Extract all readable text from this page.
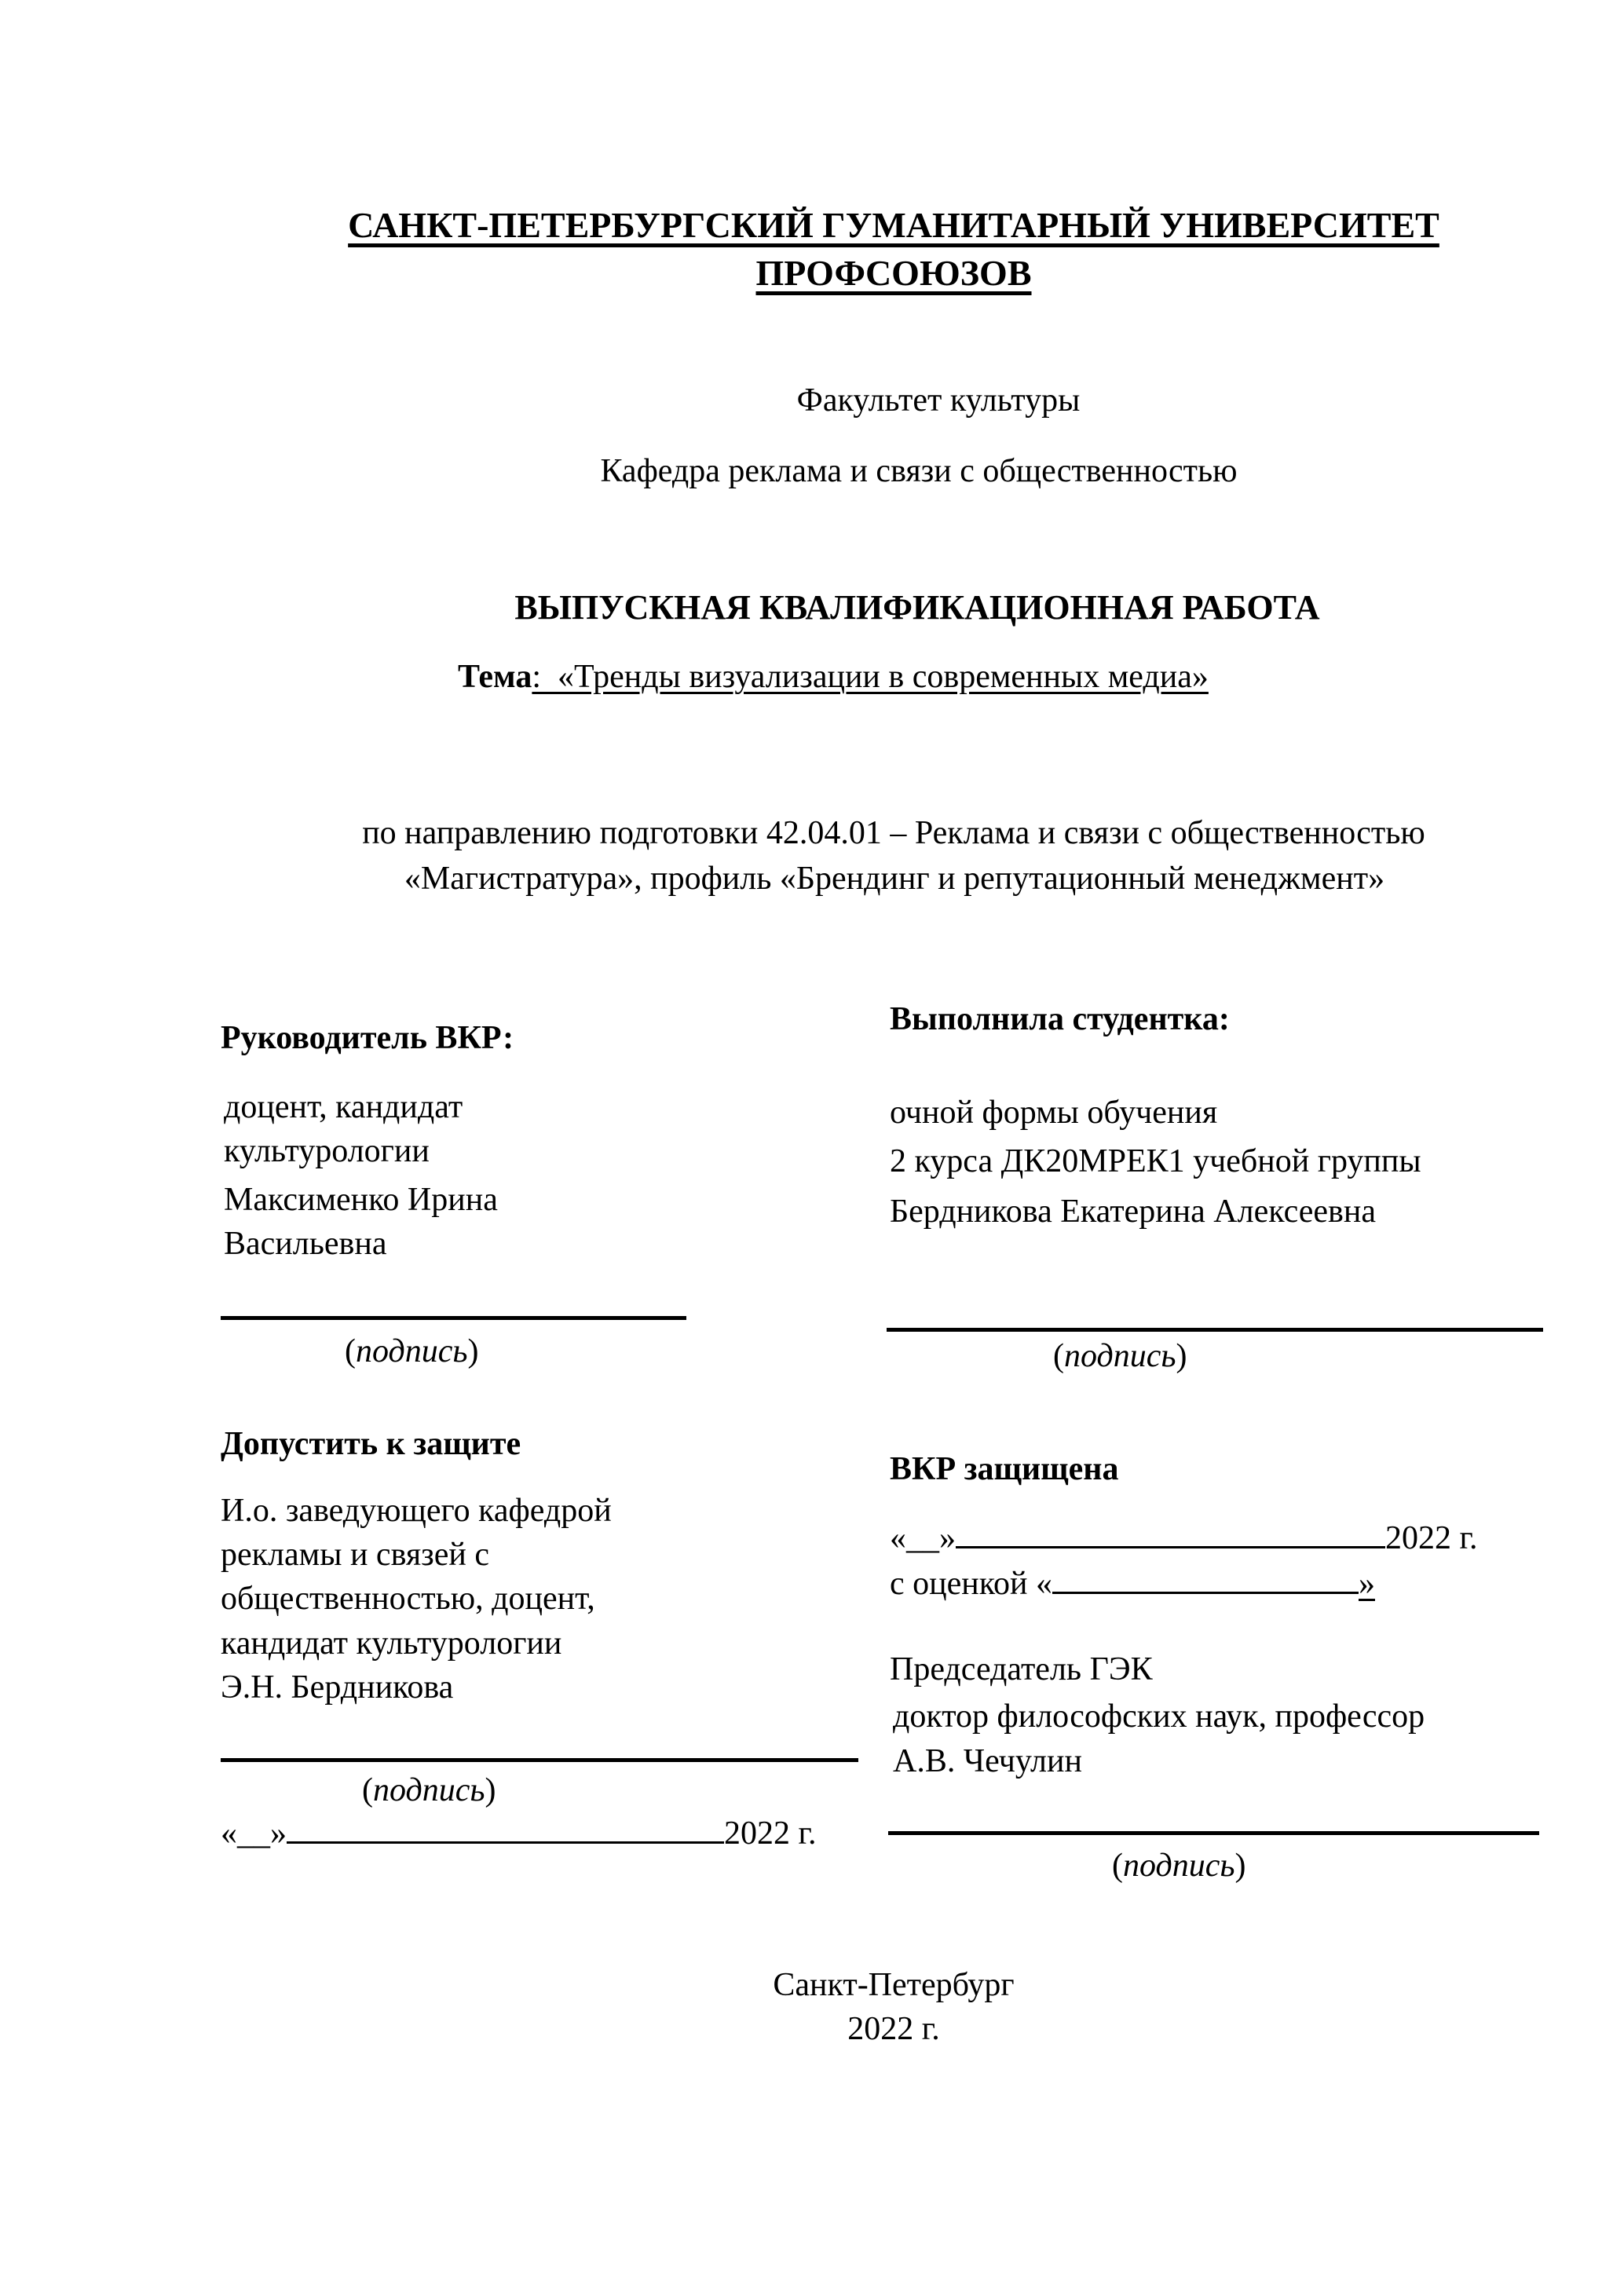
САНКТ-ПЕТЕРБУРГСКИЙ ГУМАНИТАРНЫЙ УНИВЕРСИТЕТ
ПРОФСОЮЗОВ
Факультет культуры
Кафедра реклама и связи с общественностью
ВЫПУСКНАЯ КВАЛИФИКАЦИОННАЯ РАБОТА
Тема:  «Тренды визуализации в современных медиа»
по направлению подготовки 42.04.01 – Реклама и связи с общественностью
«Магистратура», профиль «Брендинг и репутационный менеджмент»
Руководитель ВКР:
доцент, кандидат
культурологии
Максименко Ирина
Васильевна
(подпись)
Допустить к защите
И.о. заведующего кафедрой
рекламы и связей с
общественностью, доцент,
кандидат культурологии
Э.Н. Бердникова
(подпись)
«__»	2022 г.
Выполнила студентка:
очной формы обучения
2 курса ДК20МРЕК1 учебной группы
Бердникова Екатерина Алексеевна
(подпись)
ВКР защищена
«__»	2022 г.
с оценкой «	»
Председатель ГЭК
доктор философских наук, профессор
А.В. Чечулин
(подпись)
Санкт-Петербург
2022 г.
